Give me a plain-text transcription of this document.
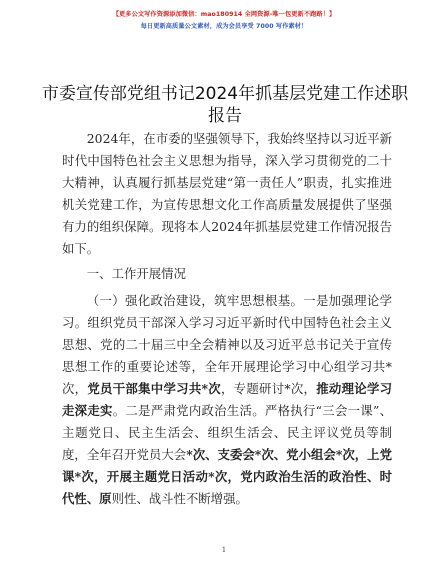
【更多公文写作资源添加微信：mao180914 全网资源-唯一包更新不跑路！】
每日更新高质量公文素材，成为会员享受 7000 写作素材！
市委宣传部党组书记2024年抓基层党建工作述职报告

2024年，在市委的坚强领导下，我始终坚持以习近平新时代中国特色社会主义思想为指导，深入学习贯彻党的二十大精神，认真履行抓基层党建“第一责任人”职责，扎实推进机关党建工作，为宣传思想文化工作高质量发展提供了坚强有力的组织保障。现将本人2024年抓基层党建工作情况报告如下。

一、工作开展情况

（一）强化政治建设，筑牢思想根基。一是加强理论学习。组织党员干部深入学习习近平新时代中国特色社会主义思想、党的二十届三中全会精神以及习近平总书记关于宣传思想工作的重要论述等，全年开展理论学习中心组学习共*次，党员干部集中学习共*次，专题研讨*次，推动理论学习走深走实。二是严肃党内政治生活。严格执行“三会一课”、主题党日、民主生活会、组织生活会、民主评议党员等制度，全年召开党员大会*次、支委会*次、党小组会*次，上党课*次，开展主题党日活动*次，党内政治生活的政治性、时代性、原则性、战斗性不断增强。

1
